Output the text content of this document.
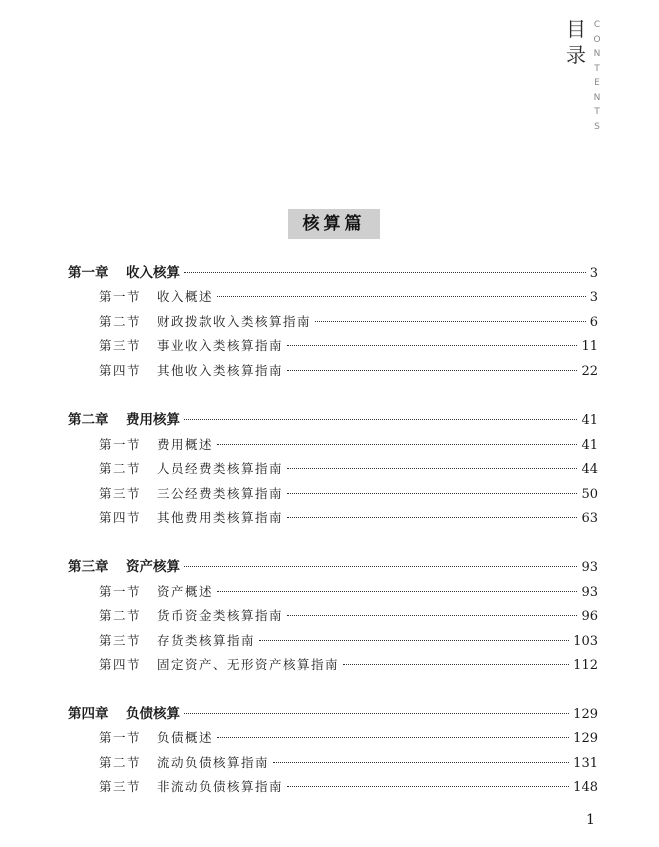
目
录
C
O
N
T
E
N
T
S
核算篇
第一章	收入核算	3
第一节	收入概述	3
第二节	财政拨款收入类核算指南	6
第三节	事业收入类核算指南	11
第四节	其他收入类核算指南	22
第二章	费用核算	41
第一节	费用概述	41
第二节	人员经费类核算指南	44
第三节	三公经费类核算指南	50
第四节	其他费用类核算指南	63
第三章	资产核算	93
第一节	资产概述	93
第二节	货币资金类核算指南	96
第三节	存货类核算指南	103
第四节	固定资产、无形资产核算指南	112
第四章	负债核算	129
第一节	负债概述	129
第二节	流动负债核算指南	131
第三节	非流动负债核算指南	148
1
